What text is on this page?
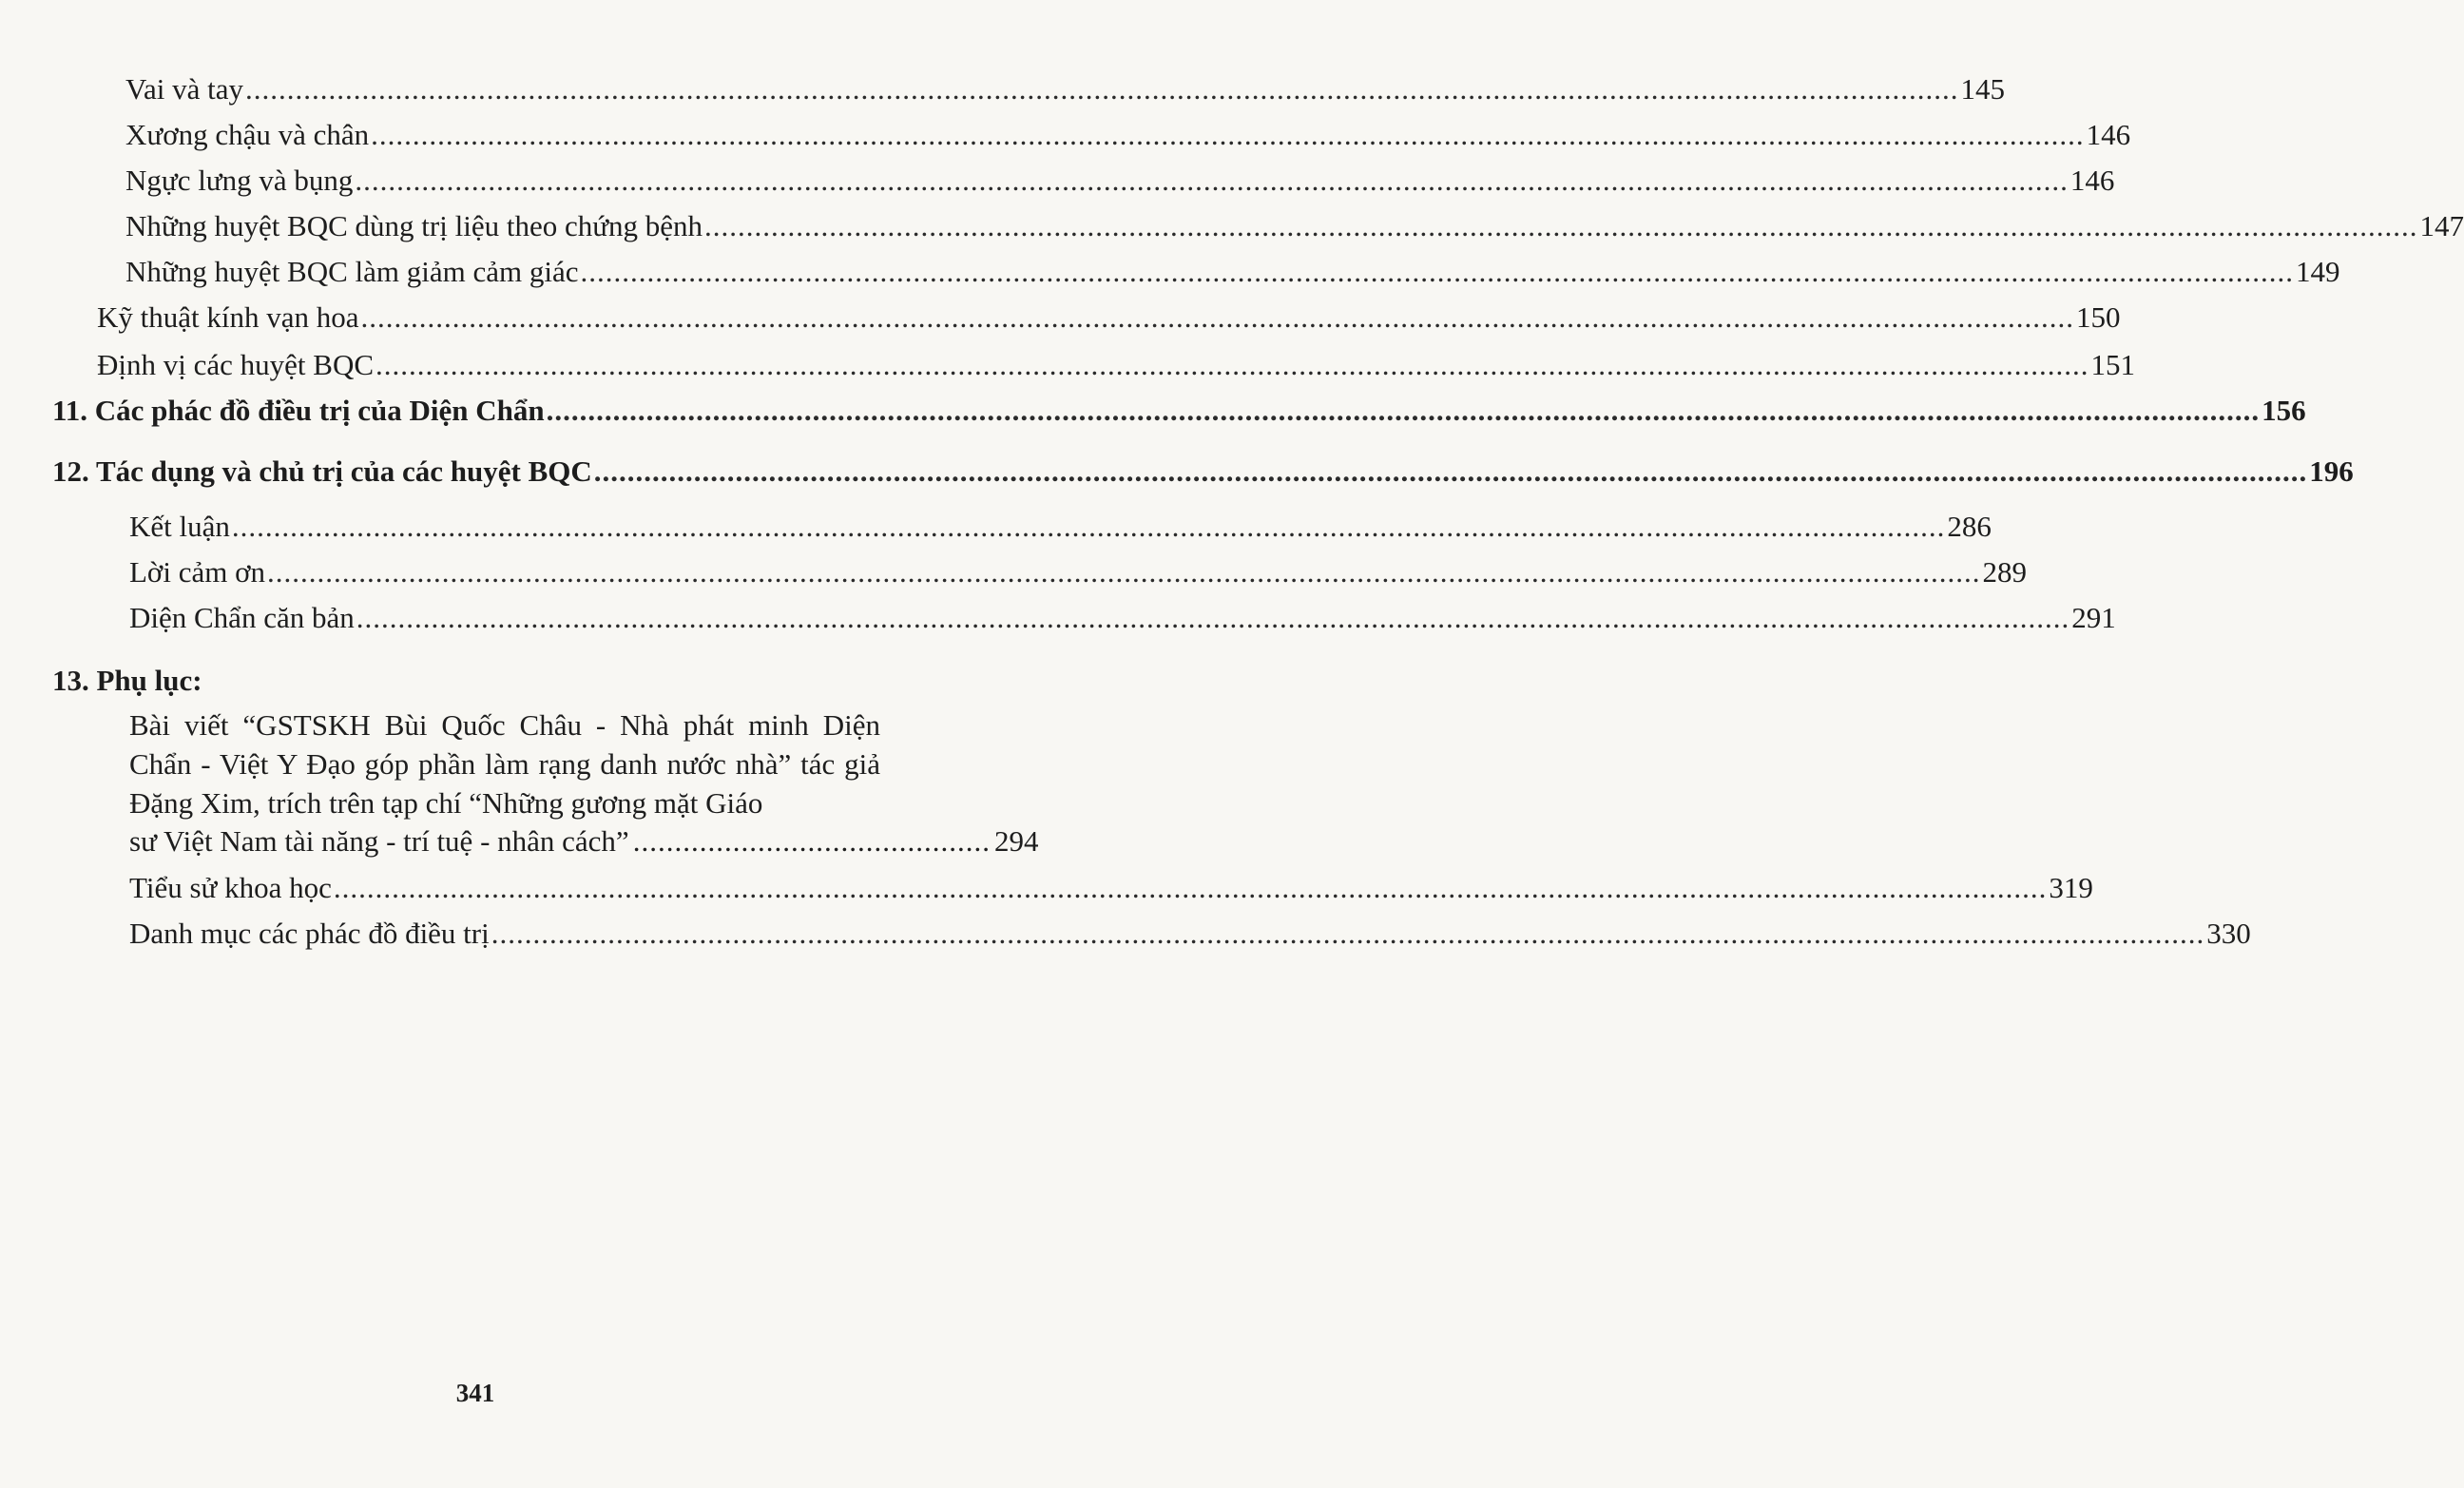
Vai và tay .....	145
Xương chậu và chân .....	146
Ngực lưng và bụng .....	146
Những huyệt BQC dùng trị liệu theo chứng bệnh .....	147
Những huyệt BQC làm giảm cảm giác .....	149
Kỹ thuật kính vạn hoa .....	150
Định vị các huyệt BQC .....	151
11. Các phác đồ điều trị của Diện Chẩn .....	156
12. Tác dụng và chủ trị của các huyệt BQC .....	196
Kết luận .....	286
Lời cảm ơn .....	289
Diện Chẩn căn bản .....	291
13. Phụ lục:
Bài viết “GSTSKH Bùi Quốc Châu - Nhà phát minh Diện Chẩn - Việt Y Đạo góp phần làm rạng danh nước nhà” tác giả Đặng Xim, trích trên tạp chí “Những gương mặt Giáo
sư Việt Nam tài năng - trí tuệ - nhân cách” ........................................... 294
Tiểu sử khoa học .....	319
Danh mục các phác đồ điều trị .....	330
341
